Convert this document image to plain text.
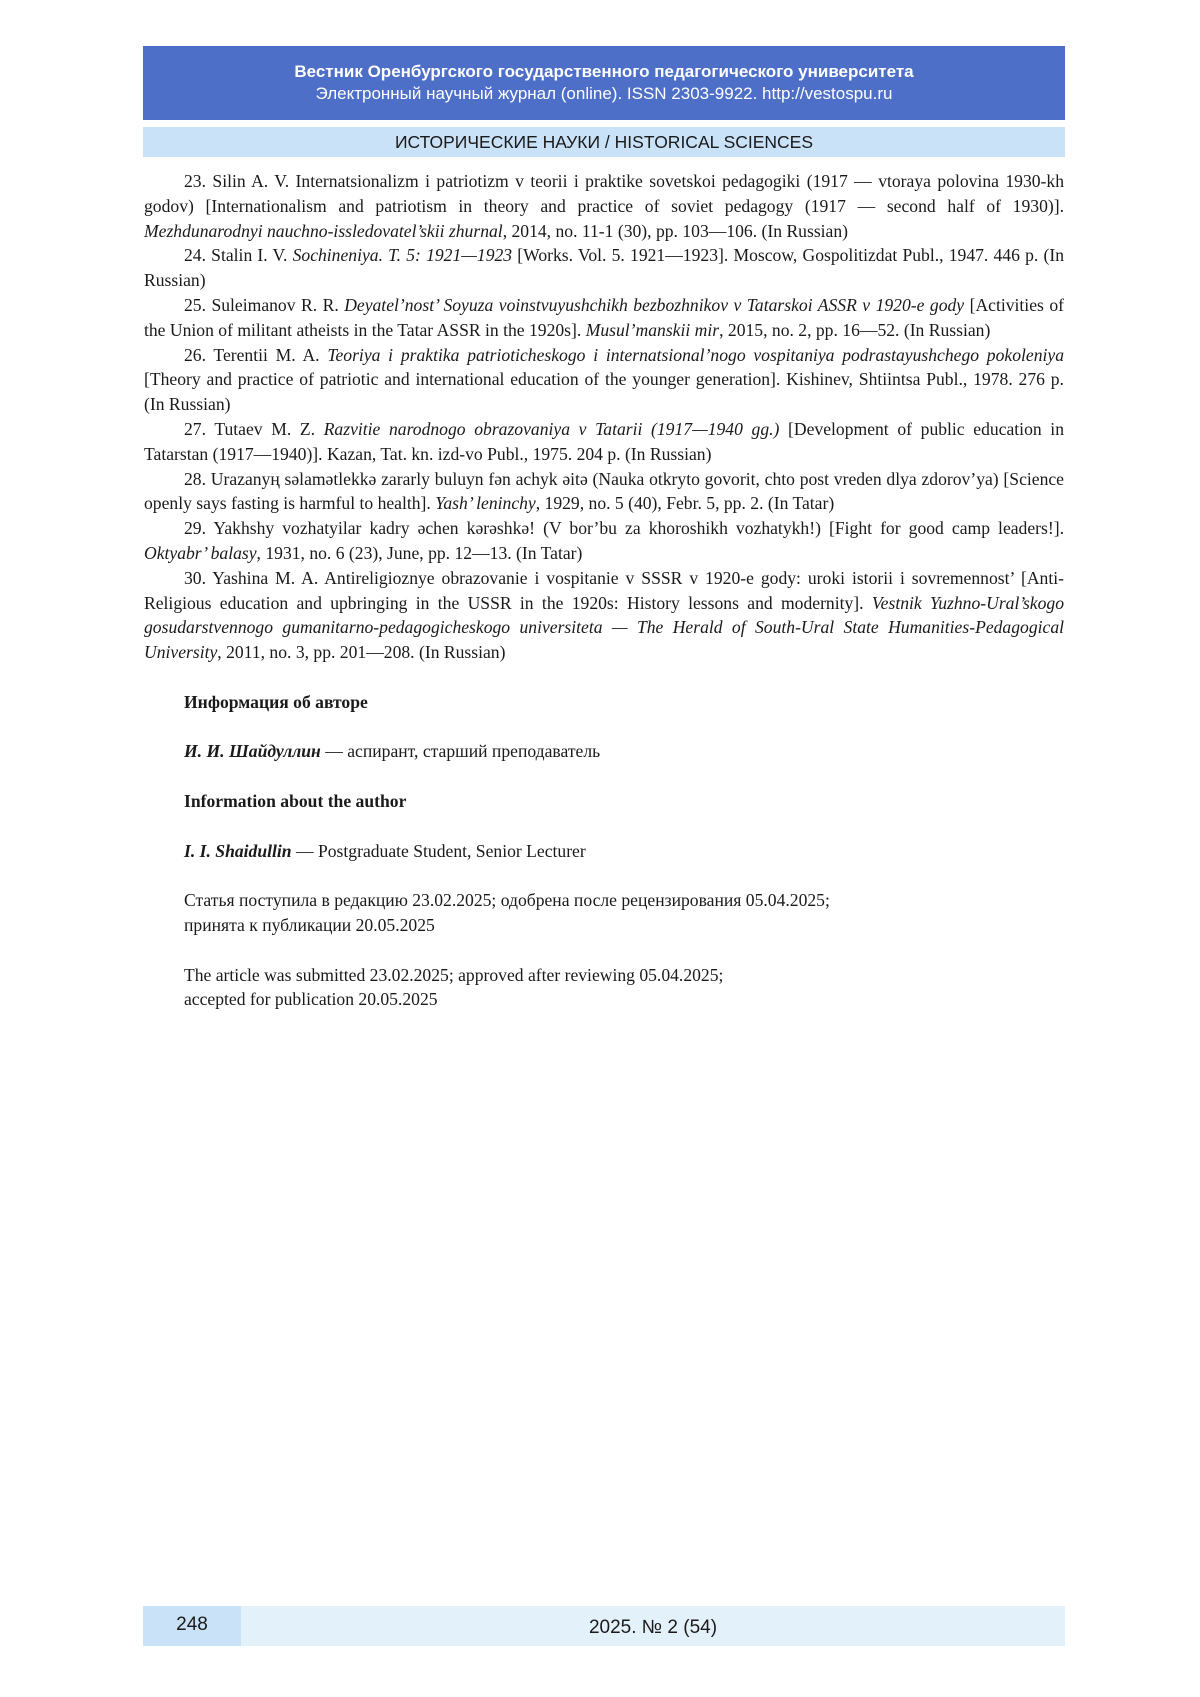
Вестник Оренбургского государственного педагогического университета
Электронный научный журнал (online). ISSN 2303-9922. http://vestospu.ru
ИСТОРИЧЕСКИЕ НАУКИ / HISTORICAL SCIENCES

23. Silin A. V. Internatsionalizm i patriotizm v teorii i praktike sovetskoi pedagogiki (1917 — vtoraya polovina 1930-kh godov) [Internationalism and patriotism in theory and practice of soviet pedagogy (1917 — second half of 1930)]. Mezhdunarodnyi nauchno-issledovatel’skii zhurnal, 2014, no. 11-1 (30), pp. 103—106. (In Russian)

24. Stalin I. V. Sochineniya. T. 5: 1921—1923 [Works. Vol. 5. 1921—1923]. Moscow, Gospolitizdat Publ., 1947. 446 p. (In Russian)

25. Suleimanov R. R. Deyatel’nost’ Soyuza voinstvuyushchikh bezbozhnikov v Tatarskoi ASSR v 1920-e gody [Activities of the Union of militant atheists in the Tatar ASSR in the 1920s]. Musul’manskii mir, 2015, no. 2, pp. 16—52. (In Russian)

26. Terentii M. A. Teoriya i praktika patrioticheskogo i internatsional’nogo vospitaniya podrastayushchego pokoleniya [Theory and practice of patriotic and international education of the younger generation]. Kishinev, Shtiintsa Publ., 1978. 276 p. (In Russian)

27. Tutaev M. Z. Razvitie narodnogo obrazovaniya v Tatarii (1917—1940 gg.) [Development of public education in Tatarstan (1917—1940)]. Kazan, Tat. kn. izd-vo Publ., 1975. 204 p. (In Russian)

28. Urazanyң səlamətlekkə zararly buluyn fən achyk əitə (Nauka otkryto govorit, chto post vreden dlya zdorov’ya) [Science openly says fasting is harmful to health]. Yash’ leninchy, 1929, no. 5 (40), Febr. 5, pp. 2. (In Tatar)

29. Yakhshy vozhatyilar kadry əchen kərəshkə! (V bor’bu za khoroshikh vozhatykh!) [Fight for good camp leaders!]. Oktyabr’ balasy, 1931, no. 6 (23), June, pp. 12—13. (In Tatar)

30. Yashina M. A. Antireligioznye obrazovanie i vospitanie v SSSR v 1920-e gody: uroki istorii i sovremennost’ [Anti-Religious education and upbringing in the USSR in the 1920s: History lessons and modernity]. Vestnik Yuzhno-Ural’skogo gosudarstvennogo gumanitarno-pedagogicheskogo universiteta — The Herald of South-Ural State Humanities-Pedagogical University, 2011, no. 3, pp. 201—208. (In Russian)

Информация об авторе

И. И. Шайдуллин — аспирант, старший преподаватель

Information about the author

I. I. Shaidullin — Postgraduate Student, Senior Lecturer

Статья поступила в редакцию 23.02.2025; одобрена после рецензирования 05.04.2025;

принята к публикации 20.05.2025

The article was submitted 23.02.2025; approved after reviewing 05.04.2025;

accepted for publication 20.05.2025

248	2025. № 2 (54)
